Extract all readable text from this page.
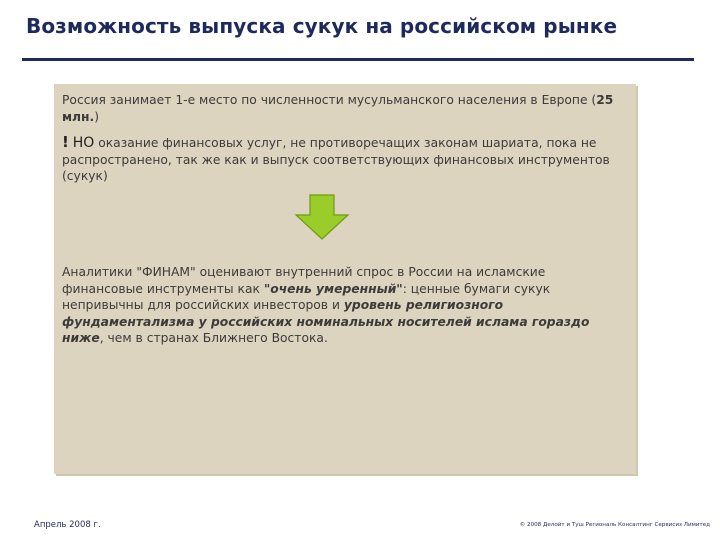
Возможность выпуска сукук на российском рынке

Россия занимает 1-е место по численности мусульманского населения в Европе (25 млн.)

! НО оказание финансовых услуг, не противоречащих законам шариата, пока не распространено, так же как и выпуск соответствующих финансовых инструментов (сукук)

Аналитики "ФИНАМ" оценивают внутренний спрос в России на исламские финансовые инструменты как "очень умеренный": ценные бумаги сукук непривычны для российских инвесторов и уровень религиозного фундаментализма у российских номинальных носителей ислама гораздо ниже, чем в странах Ближнего Востока.

Апрель 2008 г.	© 2008 Делойт и Туш Региональ Консалтинг Сервисиз Лимитед
